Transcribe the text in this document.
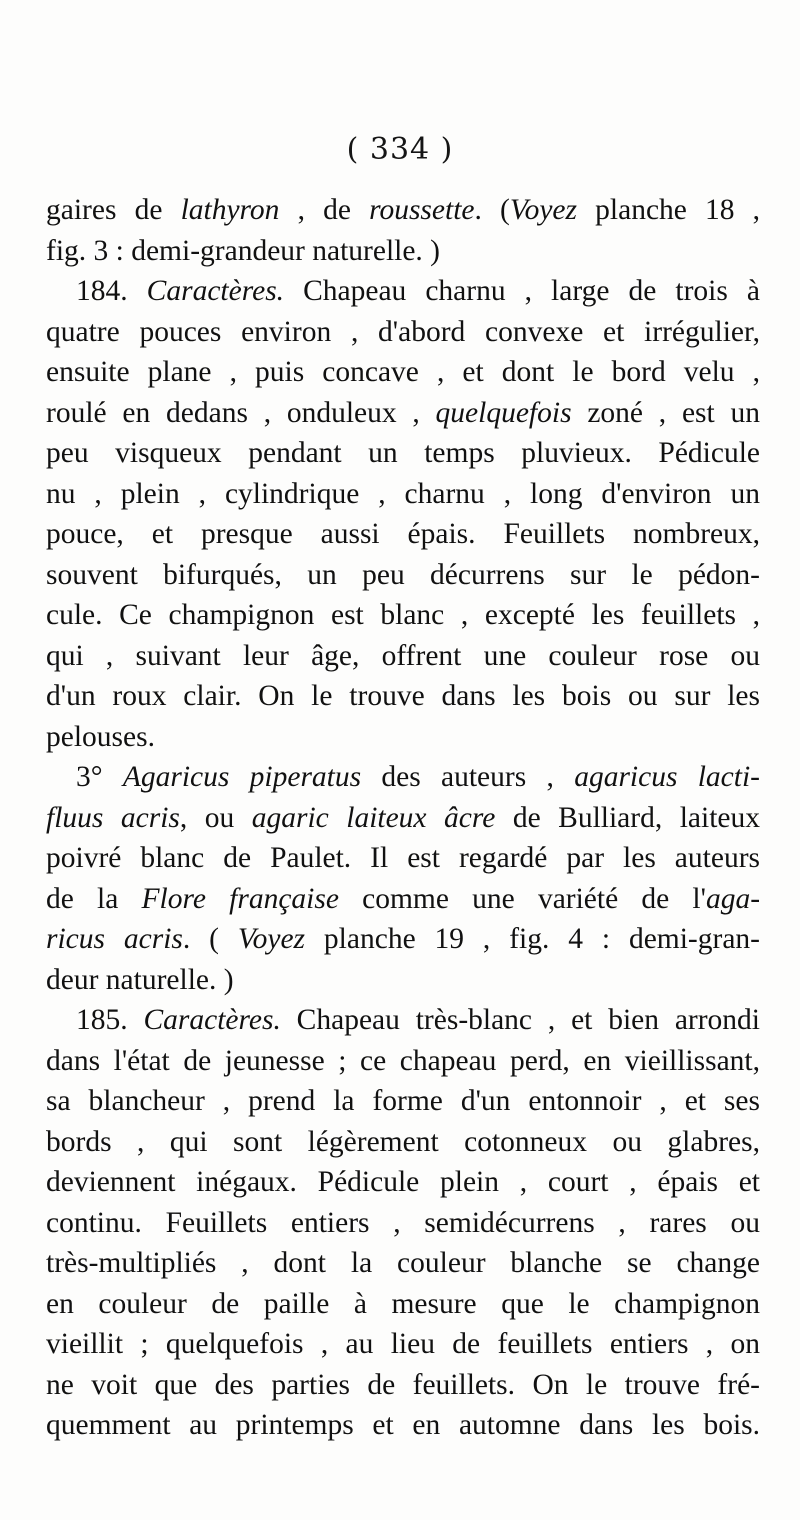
( 334 )
gaires de lathyron , de roussette. (Voyez planche 18 ,
fig. 3 : demi-grandeur naturelle. )
184. Caractères. Chapeau charnu , large de trois à
quatre pouces environ , d'abord convexe et irrégulier,
ensuite plane , puis concave , et dont le bord velu ,
roulé en dedans , onduleux , quelquefois zoné , est un
peu visqueux pendant un temps pluvieux. Pédicule
nu , plein , cylindrique , charnu , long d'environ un
pouce, et presque aussi épais. Feuillets nombreux,
souvent bifurqués, un peu décurrens sur le pédon-
cule. Ce champignon est blanc , excepté les feuillets ,
qui , suivant leur âge, offrent une couleur rose ou
d'un roux clair. On le trouve dans les bois ou sur les
pelouses.
3° Agaricus piperatus des auteurs , agaricus lacti-
fluus acris, ou agaric laiteux âcre de Bulliard, laiteux
poivré blanc de Paulet. Il est regardé par les auteurs
de la Flore française comme une variété de l'aga-
ricus acris. ( Voyez planche 19 , fig. 4 : demi-gran-
deur naturelle. )
185. Caractères. Chapeau très-blanc , et bien arrondi
dans l'état de jeunesse ; ce chapeau perd, en vieillissant,
sa blancheur , prend la forme d'un entonnoir , et ses
bords , qui sont légèrement cotonneux ou glabres,
deviennent inégaux. Pédicule plein , court , épais et
continu. Feuillets entiers , semidécurrens , rares ou
très-multipliés , dont la couleur blanche se change
en couleur de paille à mesure que le champignon
vieillit ; quelquefois , au lieu de feuillets entiers , on
ne voit que des parties de feuillets. On le trouve fré-
quemment au printemps et en automne dans les bois.
